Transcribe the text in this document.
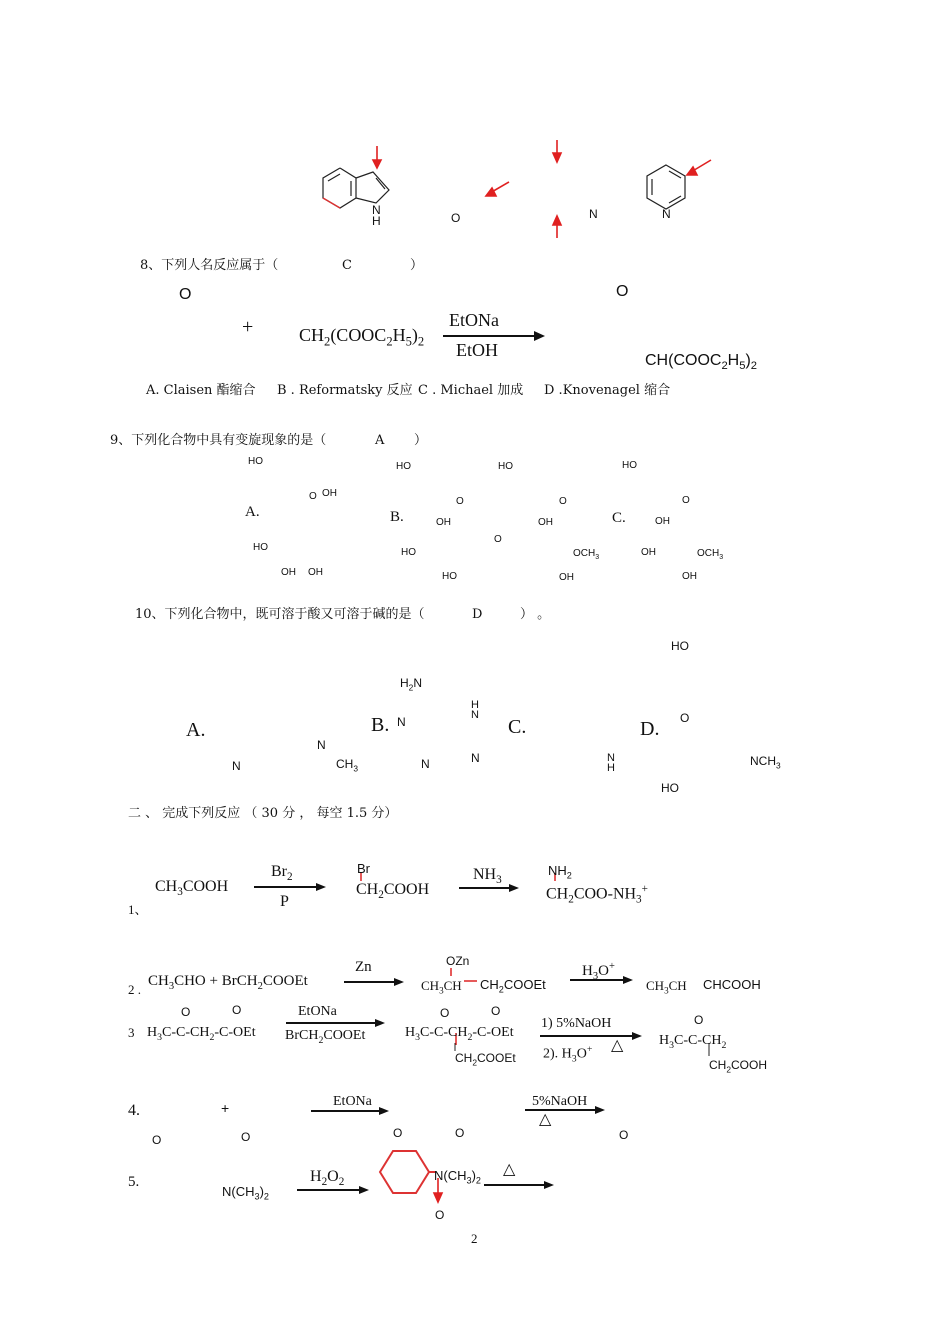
N
H	O	N	N
8、下列人名反应属于（	C	）
O
+	$CH_2(COOC_2H_5)_2$
EtONa
EtOH
O
$CH(COOC_2H_5)_2$
A. Claisen 酯缩合 B . Reformatsky 反应 C . Michael 加成 D .Knovenagel 缩合
9、下列化合物中具有变旋现象的是（	A ）
A.	B.	C.
HO
O OH
HO
OH OH
HO
O
OH
O
HO
HO
HO
O
OH
$OCH_3$
OH
HO
O
OH
OH	$OCH_3$
OH
10、下列化合物中，既可溶于酸又可溶于碱的是（	D	） 。
A.	B.	C.	D.
N
$H_2N$
N
N
$CH_3$
H
N
N	N
HO
O
N
H	$NCH_3$
HO
二 、 完成下列反应 （ 30 分 ， 每空 1.5 分）
1、
$CH_3COOH$
$Br_2$
P
Br
$CH_2COOH$
$NH_3$
$NH_2$
$CH_2COO-NH_3^+$
2 .
$CH_3CHO$ + BrCH$_2$COOEt
Zn	OZn
$CH_3CH$ $CH_2COOEt$
$H_3O^+$
$CH_3CH$ CHCOOH
3
O	O
$H_3C-C-CH_2-C$-OEt
EtONa
BrCH$_2$COOEt
O	O
$H_3C-C-CH_2-C$-OEt
$CH_2COOEt$
1) 5%NaOH
2). $H_3O^+$ △
O
$H_3C-C-CH_2$
$CH_2COOH$
4.	+
O	O
EtONa
O	O
5%NaOH
△
O
5.
$N(CH_3)_2$
$H_2O_2$	$N(CH_3)_2$
O
△
2
